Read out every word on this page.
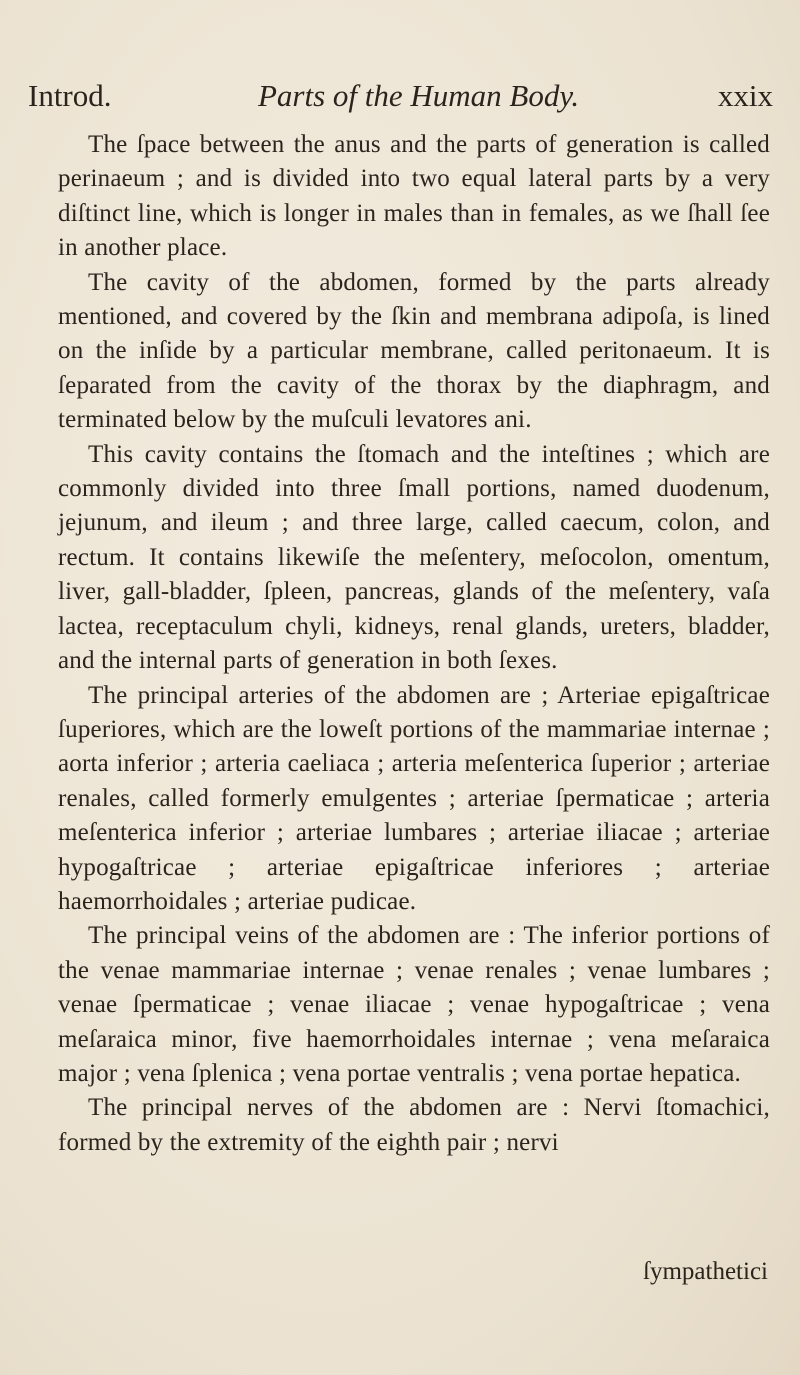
Introd.	Parts of the Human Body.	xxix

The ſpace between the anus and the parts of generation is called perinaeum ; and is divided into two equal lateral parts by a very diſtinct line, which is longer in males than in females, as we ſhall ſee in another place.

The cavity of the abdomen, formed by the parts already mentioned, and covered by the ſkin and membrana adipoſa, is lined on the inſide by a particular membrane, called peritonaeum. It is ſeparated from the cavity of the thorax by the diaphragm, and terminated below by the muſculi levatores ani.

This cavity contains the ſtomach and the inteſtines ; which are commonly divided into three ſmall portions, named duodenum, jejunum, and ileum ; and three large, called caecum, colon, and rectum. It contains likewiſe the meſentery, meſocolon, omentum, liver, gall-bladder, ſpleen, pancreas, glands of the meſentery, vaſa lactea, receptaculum chyli, kidneys, renal glands, ureters, bladder, and the internal parts of generation in both ſexes.

The principal arteries of the abdomen are ; Arteriae epigaſtricae ſuperiores, which are the loweſt portions of the mammariae internae ; aorta inferior ; arteria caeliaca ; arteria meſenterica ſuperior ; arteriae renales, called formerly emulgentes ; arteriae ſpermaticae ; arteria meſenterica inferior ; arteriae lumbares ; arteriae iliacae ; arteriae hypogaſtricae ; arteriae epigaſtricae inferiores ; arteriae haemorrhoidales ; arteriae pudicae.

The principal veins of the abdomen are : The inferior portions of the venae mammariae internae ; venae renales ; venae lumbares ; venae ſpermaticae ; venae iliacae ; venae hypogaſtricae ; vena meſaraica minor, five haemorrhoidales internae ; vena meſaraica major ; vena ſplenica ; vena portae ventralis ; vena portae hepatica.

The principal nerves of the abdomen are : Nervi ſtomachici, formed by the extremity of the eighth pair ; nervi

ſympathetici
